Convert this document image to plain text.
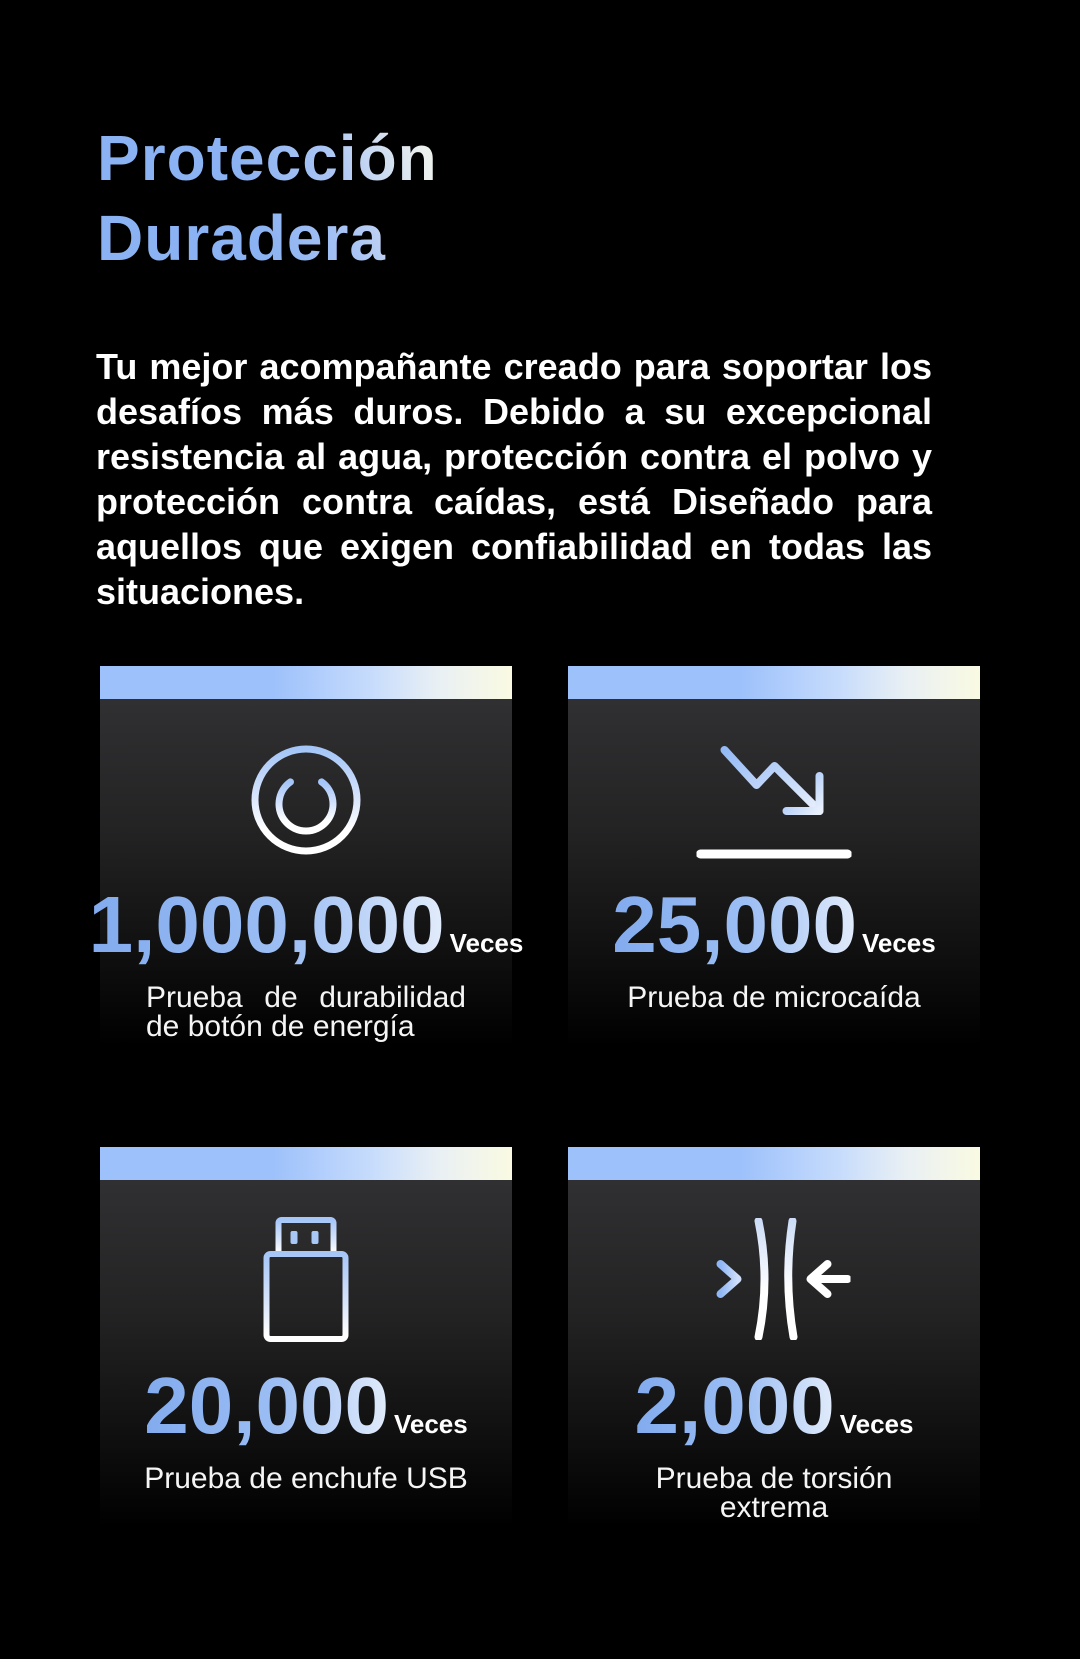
Protección
Duradera

Tu mejor acompañante creado para soportar los desafíos más duros. Debido a su excepcional resistencia al agua, protección contra el polvo y protección contra caídas, está Diseñado para aquellos que exigen confiabilidad en todas las situaciones.

1,000,000 Veces
Prueba de durabilidad de botón de energía
25,000 Veces
Prueba de microcaída
20,000 Veces
Prueba de enchufe USB
2,000 Veces
Prueba de torsión extrema
